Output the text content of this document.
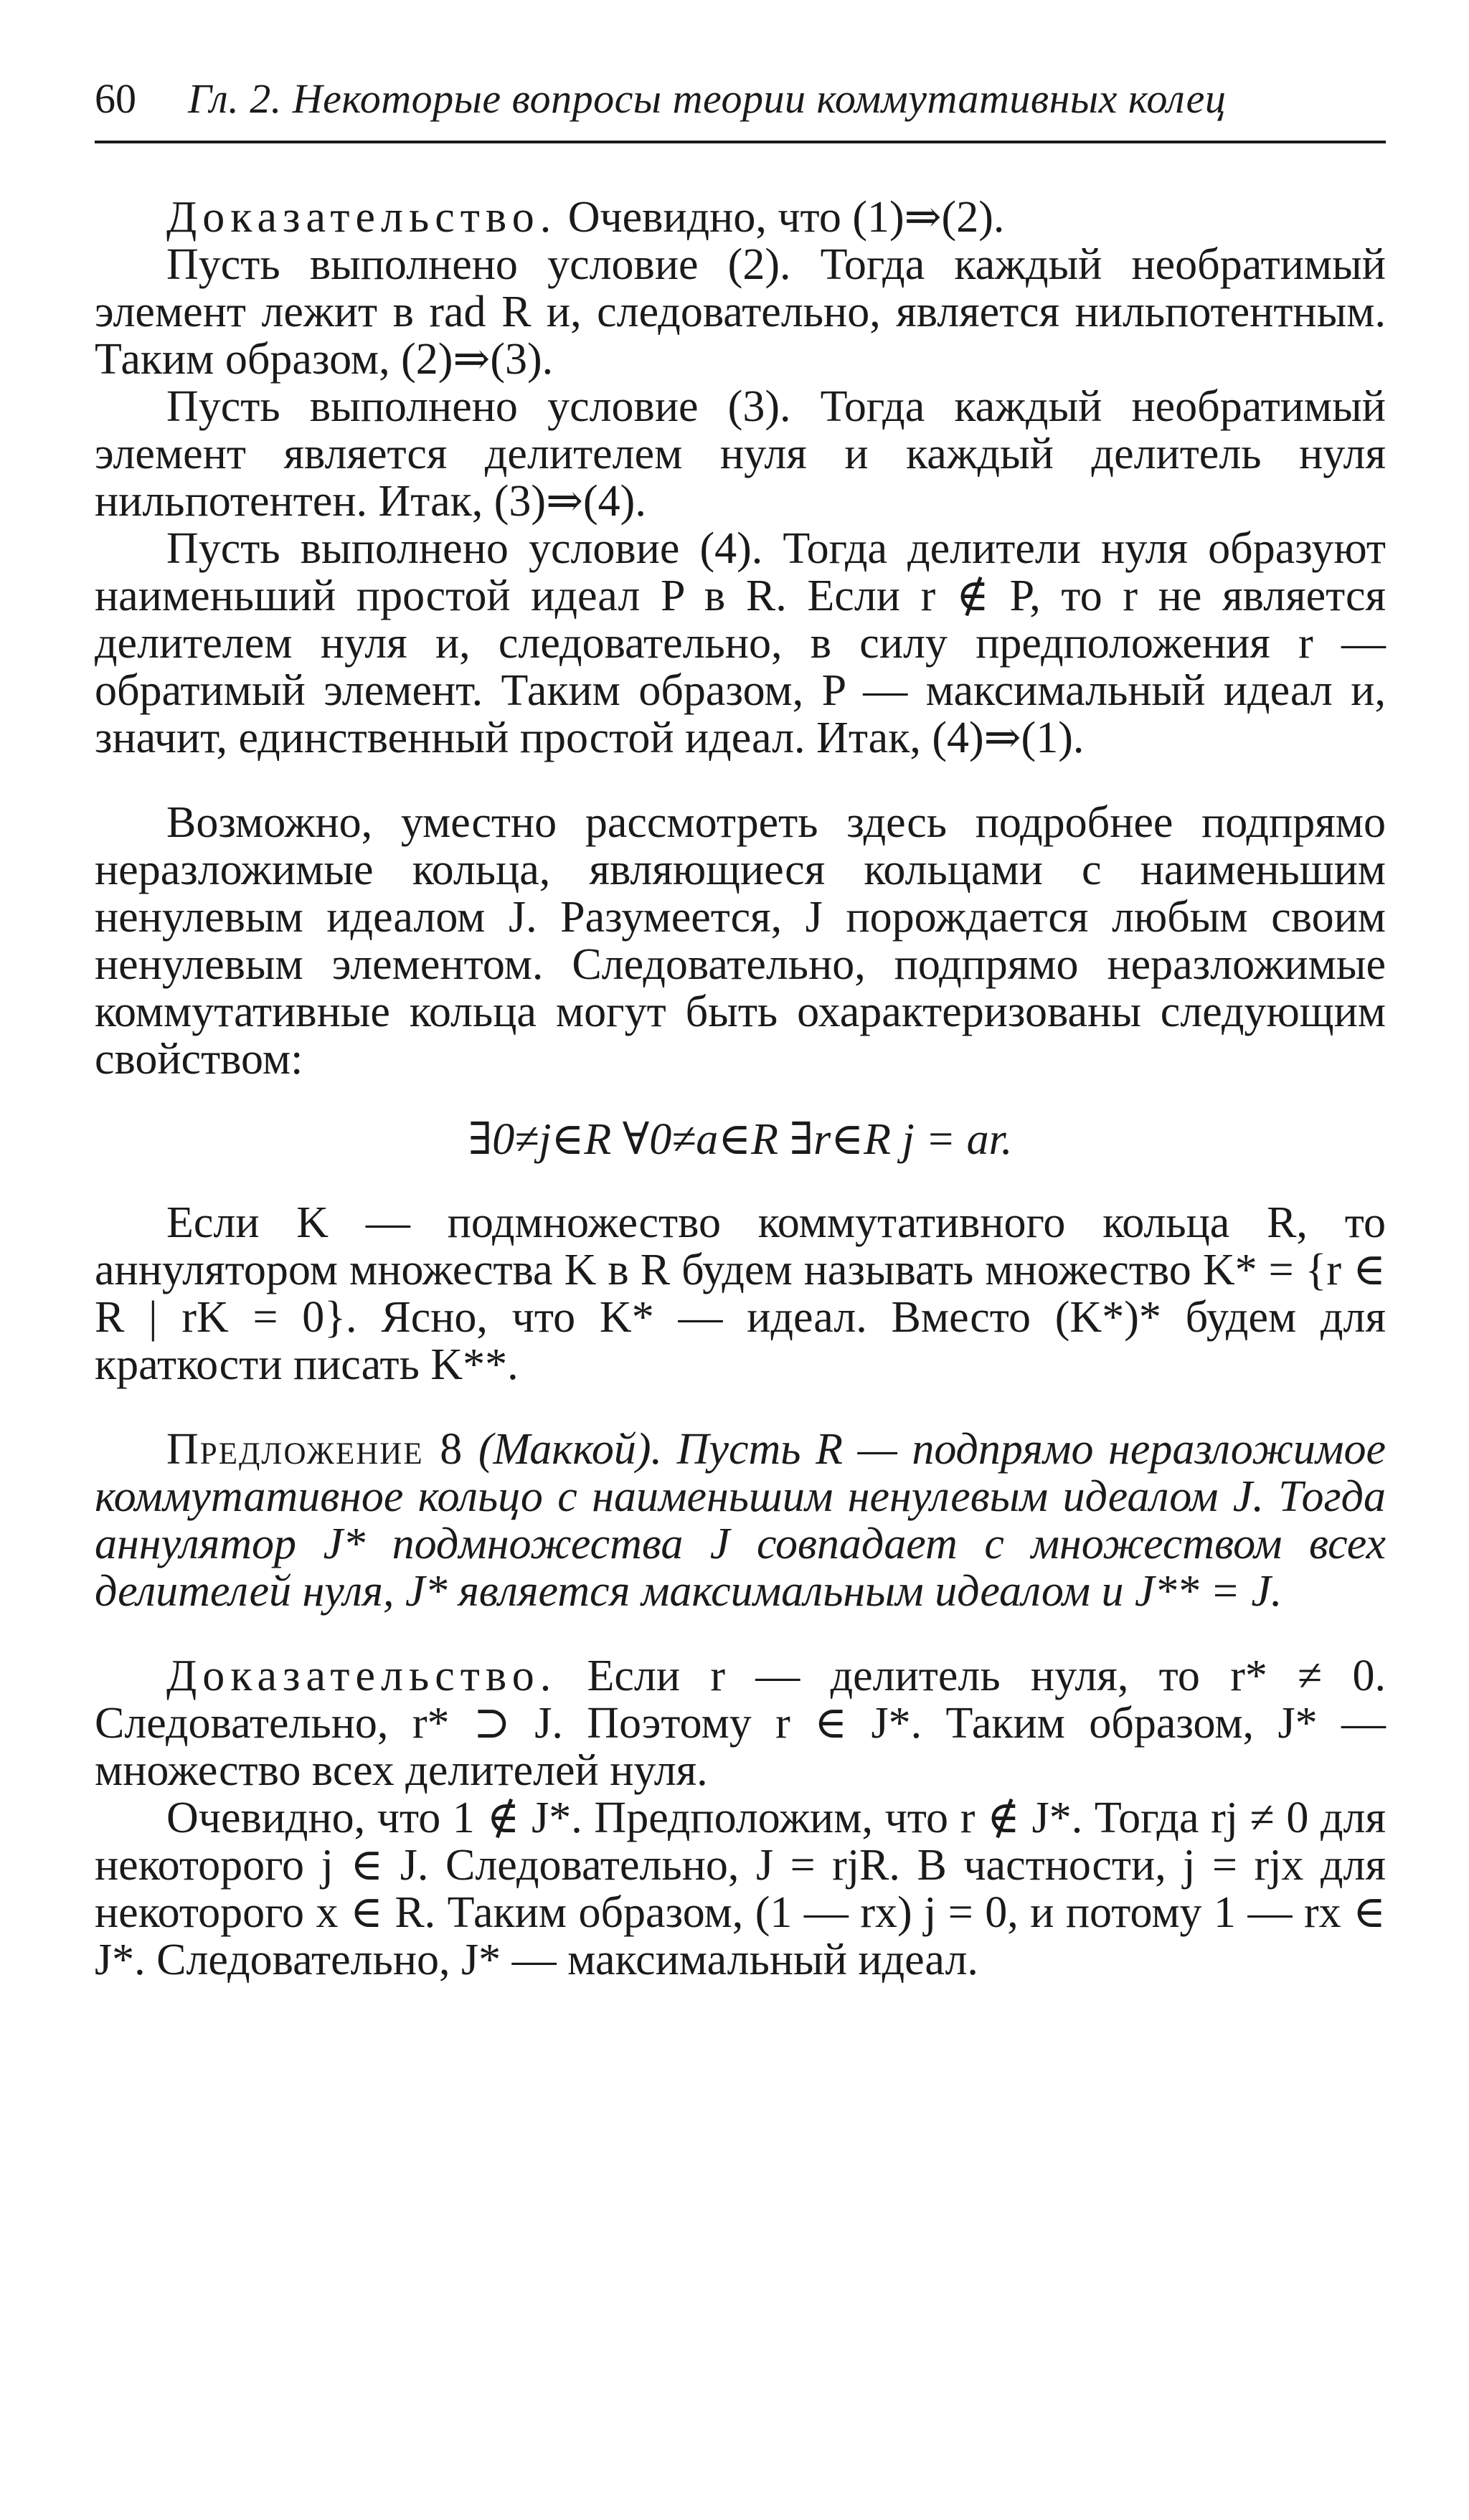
60 Гл. 2. Некоторые вопросы теории коммутативных колец

Доказательство. Очевидно, что (1)⇒(2).

Пусть выполнено условие (2). Тогда каждый необратимый элемент лежит в rad R и, следовательно, является нильпотентным. Таким образом, (2)⇒(3).

Пусть выполнено условие (3). Тогда каждый необратимый элемент является делителем нуля и каждый делитель нуля нильпотентен. Итак, (3)⇒(4).

Пусть выполнено условие (4). Тогда делители нуля образуют наименьший простой идеал P в R. Если r ∉ P, то r не является делителем нуля и, следовательно, в силу предположения r — обратимый элемент. Таким образом, P — максимальный идеал и, значит, единственный простой идеал. Итак, (4)⇒(1).

Возможно, уместно рассмотреть здесь подробнее подпрямо неразложимые кольца, являющиеся кольцами с наименьшим ненулевым идеалом J. Разумеется, J порождается любым своим ненулевым элементом. Следовательно, подпрямо неразложимые коммутативные кольца могут быть охарактеризованы следующим свойством:

∃0≠j∈R ∀0≠a∈R ∃r∈R j = ar.

Если K — подмножество коммутативного кольца R, то аннулятором множества K в R будем называть множество K* = {r ∈ R | rK = 0}. Ясно, что K* — идеал. Вместо (K*)* будем для краткости писать K**.

Предложение 8 (Маккой). Пусть R — подпрямо неразложимое коммутативное кольцо с наименьшим ненулевым идеалом J. Тогда аннулятор J* подмножества J совпадает с множеством всех делителей нуля, J* является максимальным идеалом и J** = J.

Доказательство. Если r — делитель нуля, то r* ≠ 0. Следовательно, r* ⊃ J. Поэтому r ∈ J*. Таким образом, J* — множество всех делителей нуля.

Очевидно, что 1 ∉ J*. Предположим, что r ∉ J*. Тогда rj ≠ 0 для некоторого j ∈ J. Следовательно, J = rjR. В частности, j = rjx для некоторого x ∈ R. Таким образом, (1 — rx) j = 0, и потому 1 — rx ∈ J*. Следовательно, J* — максимальный идеал.
